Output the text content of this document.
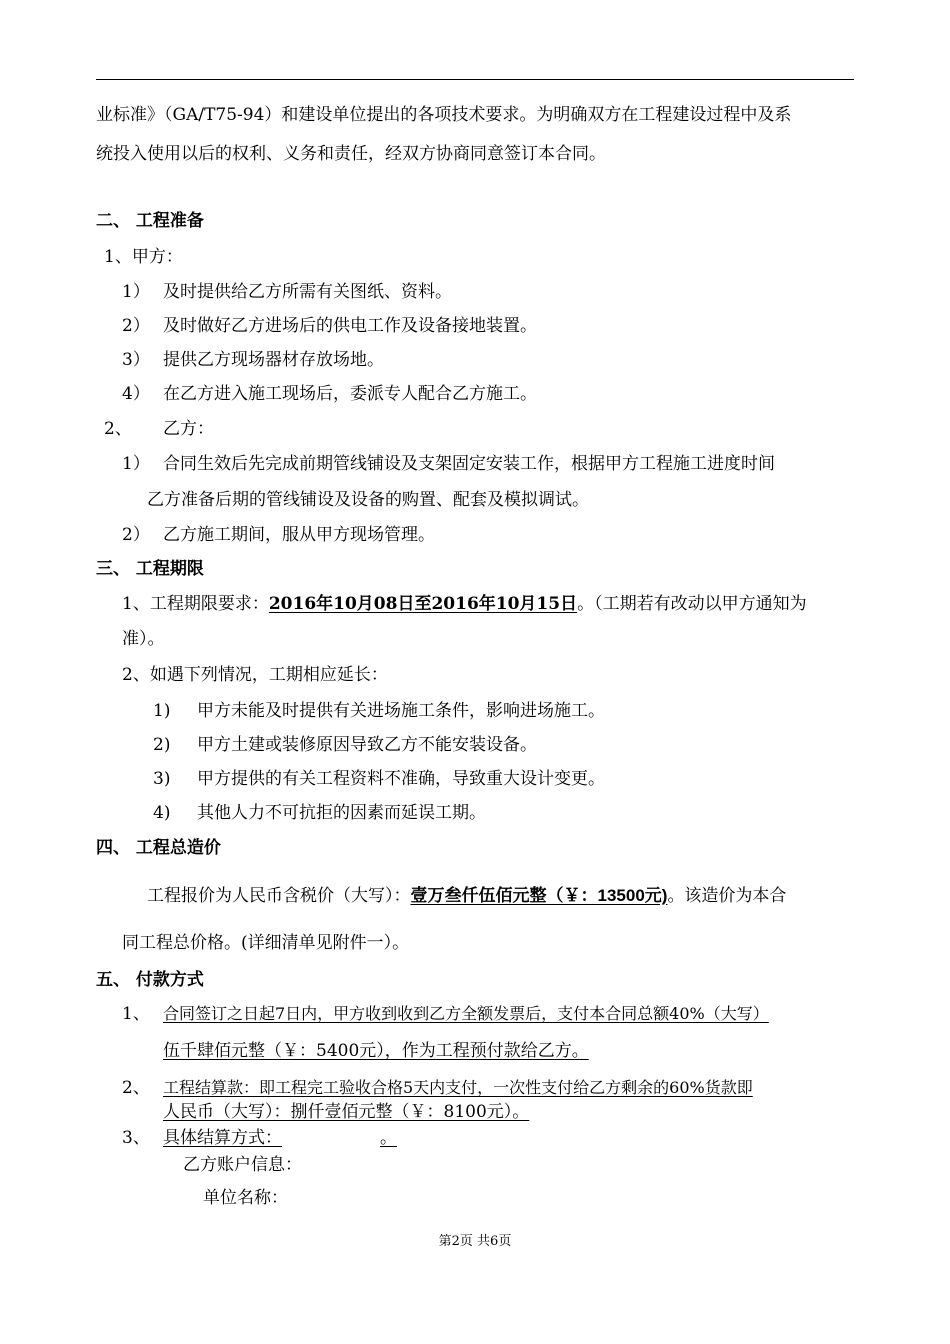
业标准》（GA/T75-94）和建设单位提出的各项技术要求。为明确双方在工程建设过程中及系
统投入使用以后的权利、义务和责任，经双方协商同意签订本合同。
二、 工程准备
1、甲方：
1） 及时提供给乙方所需有关图纸、资料。
2） 及时做好乙方进场后的供电工作及设备接地装置。
3） 提供乙方现场器材存放场地。
4） 在乙方进入施工现场后，委派专人配合乙方施工。
2、 乙方：
1） 合同生效后先完成前期管线铺设及支架固定安装工作，根据甲方工程施工进度时间
乙方准备后期的管线铺设及设备的购置、配套及模拟调试。
2） 乙方施工期间，服从甲方现场管理。
三、 工程期限
1、工程期限要求：2016年10月08日至2016年10月15日。（工期若有改动以甲方通知为
准）。
2、如遇下列情况，工期相应延长：
1) 甲方未能及时提供有关进场施工条件，影响进场施工。
2) 甲方土建或装修原因导致乙方不能安装设备。
3) 甲方提供的有关工程资料不准确，导致重大设计变更。
4) 其他人力不可抗拒的因素而延误工期。
四、 工程总造价
工程报价为人民币含税价（大写）：壹万叁仟伍佰元整（￥：13500元)。该造价为本合
同工程总价格。(详细清单见附件一）。
五、 付款方式
1、 合同签订之日起7日内，甲方收到收到乙方全额发票后，支付本合同总额40%（大写）
伍千肆佰元整（￥：5400元），作为工程预付款给乙方。
2、 工程结算款：即工程完工验收合格5天内支付，一次性支付给乙方剩余的60%货款即
人民币（大写）：捌仟壹佰元整（￥：8100元）。
3、 具体结算方式：	。
乙方账户信息：
单位名称：
第2页 共6页
